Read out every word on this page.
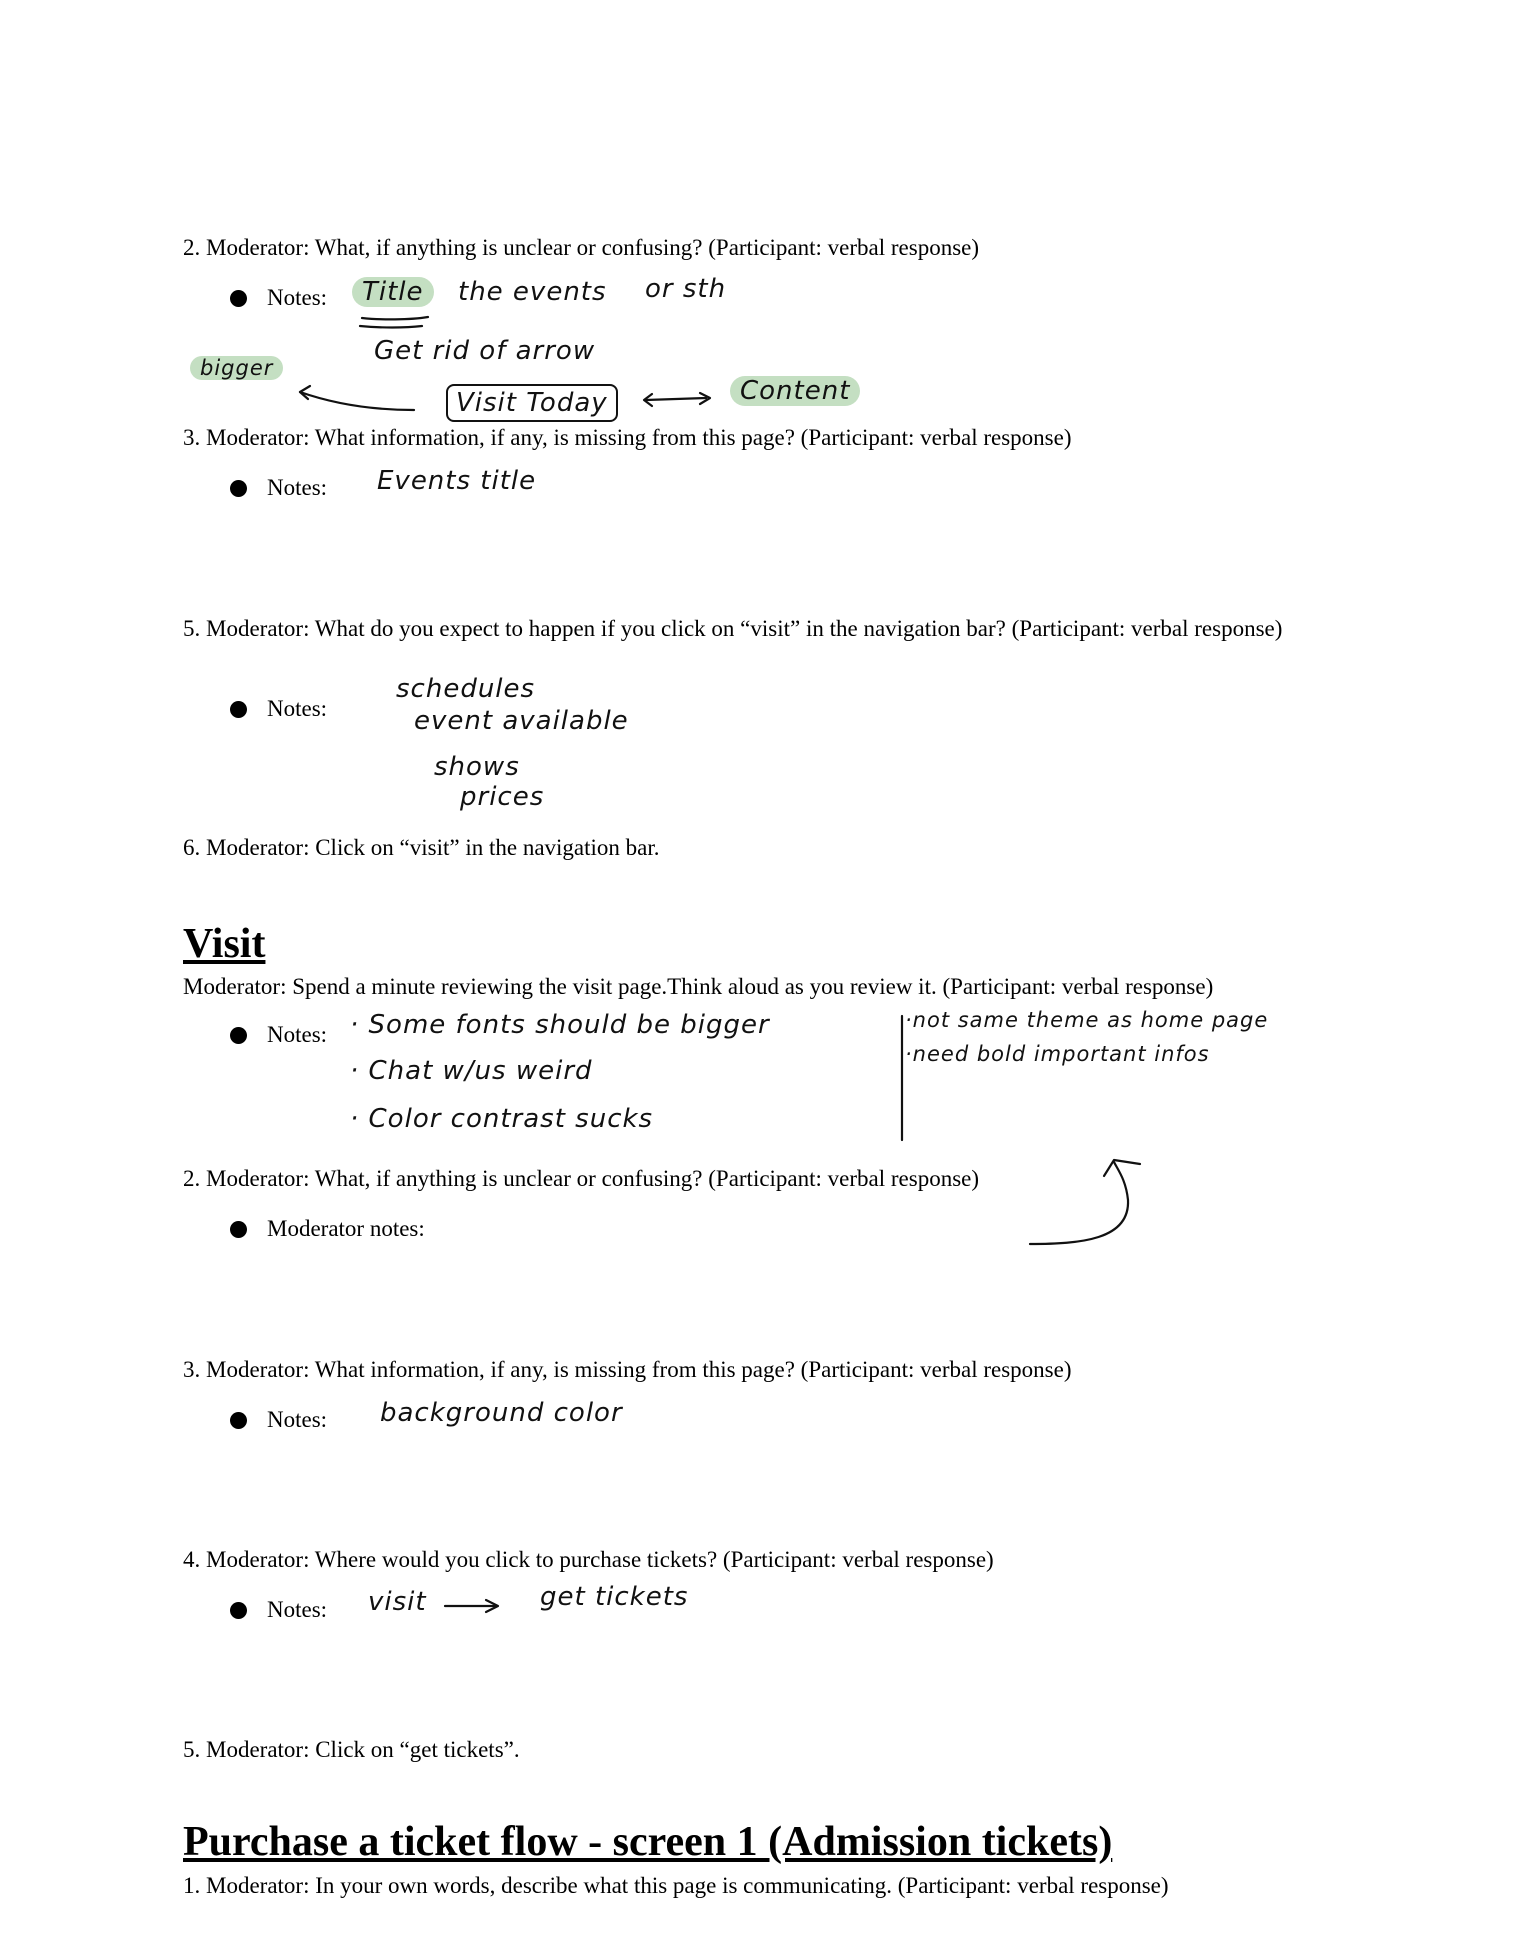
2. Moderator: What, if anything is unclear or confusing? (Participant: verbal response)
Notes:	Title	the events or sth
Get rid of arrow
bigger
Visit Today	Content
3. Moderator: What information, if any, is missing from this page? (Participant: verbal response)
Notes: Events title
5. Moderator: What do you expect to happen if you click on “visit” in the navigation bar? (Participant: verbal response)
Notes:
schedules
event available
shows
prices
6. Moderator: Click on “visit” in the navigation bar.
Visit
Moderator: Spend a minute reviewing the visit page.Think aloud as you review it. (Participant: verbal response)
Notes: · Some fonts should be bigger
· Chat w/us weird
· Color contrast sucks
·not same theme as home page
·need bold important infos
2. Moderator: What, if anything is unclear or confusing? (Participant: verbal response)
Moderator notes:
3. Moderator: What information, if any, is missing from this page? (Participant: verbal response)
Notes: background color
4. Moderator: Where would you click to purchase tickets? (Participant: verbal response)
Notes: visit	get tickets
5. Moderator: Click on “get tickets”.
Purchase a ticket flow - screen 1 (Admission tickets)
1. Moderator: In your own words, describe what this page is communicating. (Participant: verbal response)
